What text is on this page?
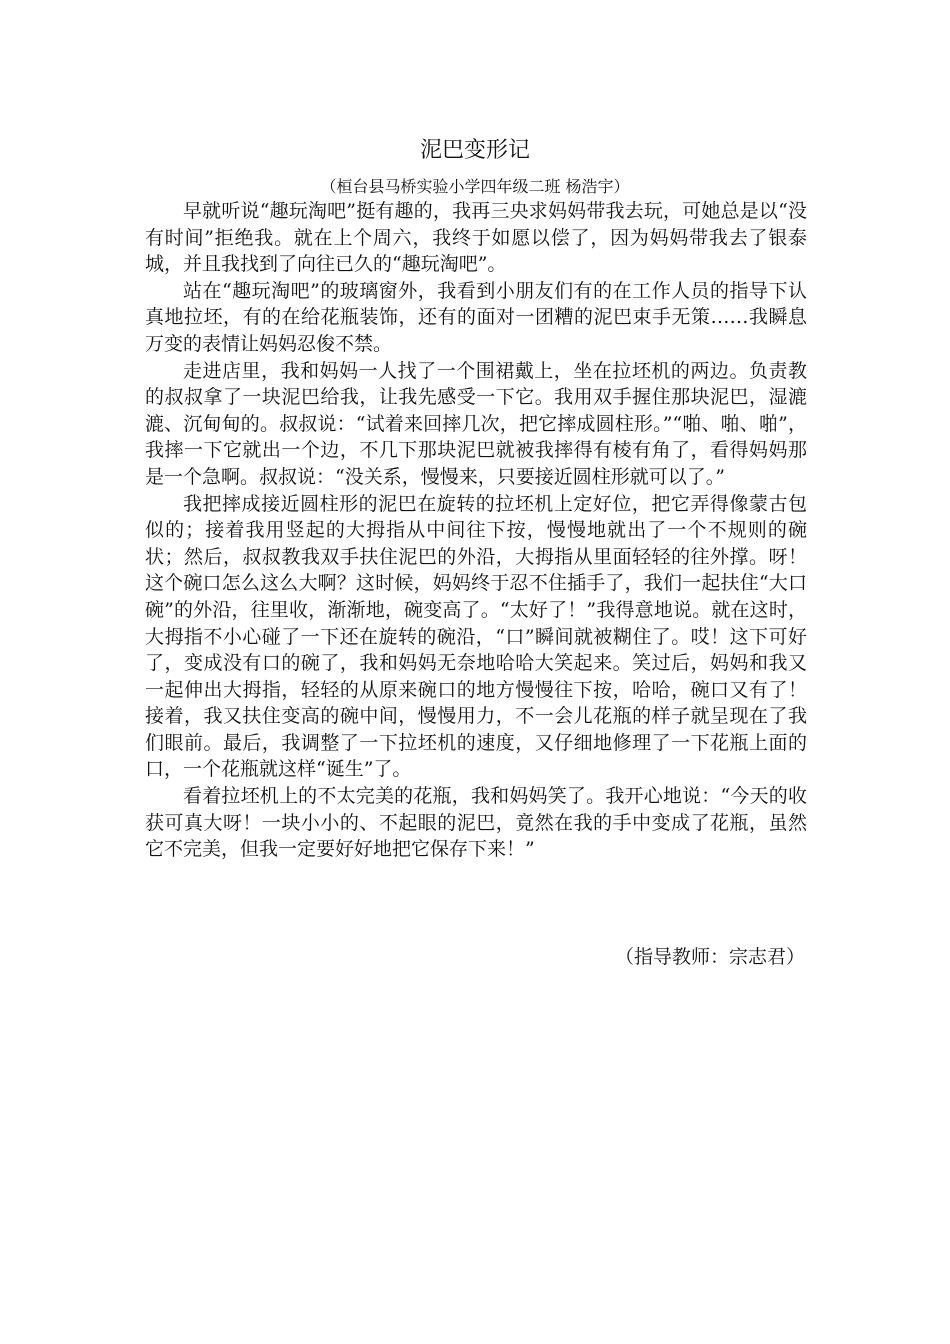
泥巴变形记

（桓台县马桥实验小学四年级二班 杨浩宇）

早就听说“趣玩淘吧”挺有趣的，我再三央求妈妈带我去玩，可她总是以“没有时间”拒绝我。就在上个周六，我终于如愿以偿了，因为妈妈带我去了银泰城，并且我找到了向往已久的“趣玩淘吧”。

站在“趣玩淘吧”的玻璃窗外，我看到小朋友们有的在工作人员的指导下认真地拉坯，有的在给花瓶装饰，还有的面对一团糟的泥巴束手无策……我瞬息万变的表情让妈妈忍俊不禁。

走进店里，我和妈妈一人找了一个围裙戴上，坐在拉坯机的两边。负责教的叔叔拿了一块泥巴给我，让我先感受一下它。我用双手握住那块泥巴，湿漉漉、沉甸甸的。叔叔说：“试着来回摔几次，把它摔成圆柱形。”“啪、啪、啪”，我摔一下它就出一个边，不几下那块泥巴就被我摔得有棱有角了，看得妈妈那是一个急啊。叔叔说：“没关系，慢慢来，只要接近圆柱形就可以了。”

我把摔成接近圆柱形的泥巴在旋转的拉坯机上定好位，把它弄得像蒙古包似的；接着我用竖起的大拇指从中间往下按，慢慢地就出了一个不规则的碗状；然后，叔叔教我双手扶住泥巴的外沿，大拇指从里面轻轻的往外撑。呀！这个碗口怎么这么大啊？这时候，妈妈终于忍不住插手了，我们一起扶住“大口碗”的外沿，往里收，渐渐地，碗变高了。“太好了！”我得意地说。就在这时，大拇指不小心碰了一下还在旋转的碗沿，“口”瞬间就被糊住了。哎！这下可好了，变成没有口的碗了，我和妈妈无奈地哈哈大笑起来。笑过后，妈妈和我又一起伸出大拇指，轻轻的从原来碗口的地方慢慢往下按，哈哈，碗口又有了！接着，我又扶住变高的碗中间，慢慢用力，不一会儿花瓶的样子就呈现在了我们眼前。最后，我调整了一下拉坯机的速度，又仔细地修理了一下花瓶上面的口，一个花瓶就这样“诞生”了。

看着拉坯机上的不太完美的花瓶，我和妈妈笑了。我开心地说：“今天的收获可真大呀！一块小小的、不起眼的泥巴，竟然在我的手中变成了花瓶，虽然它不完美，但我一定要好好地把它保存下来！”

（指导教师：宗志君）
